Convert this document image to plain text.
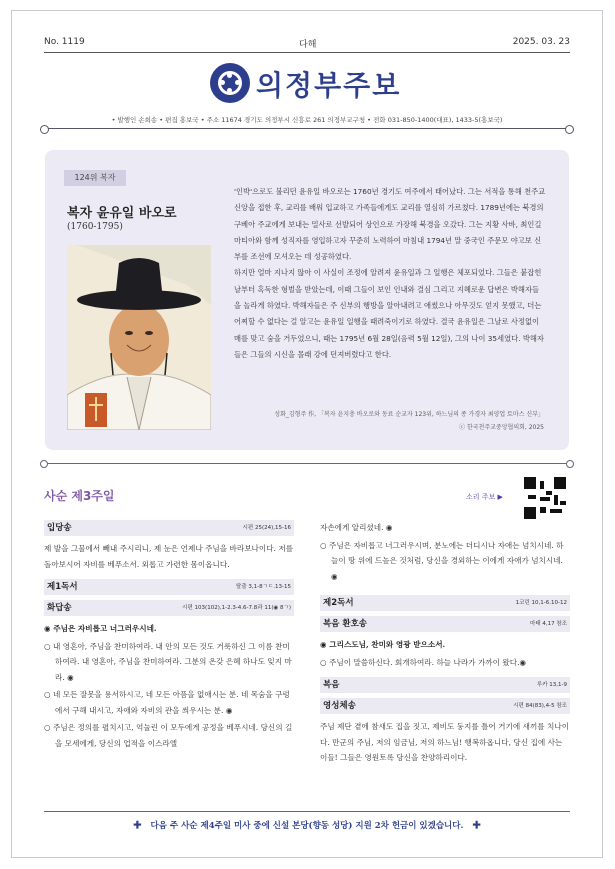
No. 1119	다해	2025. 03. 23
의정부주보
• 발행인 손희송 • 편집 홍보국 • 주소 11674 경기도 의정부시 신흥로 261 의정부교구청 • 전화 031-850-1400(대표), 1433-5(홍보국)
124위 복자
복자 윤유일 바오로
(1760-1795)

'인박'으로도 불리던 윤유일 바오로는 1760년 경기도 여주에서 태어났다. 그는 서적을 통해 천주교 신앙을 접한 후, 교리를 배워 입교하고 가족들에게도 교리를 열심히 가르쳤다. 1789년에는 북경의 구베아 주교에게 보내는 밀사로 선발되어 상인으로 가장해 북경을 오갔다. 그는 지황 사바, 최인길 마티아와 함께 성직자를 영입하고자 꾸준히 노력하여 마침내 1794년 말 중국인 주문모 야고보 신부를 조선에 모셔오는 데 성공하였다.

하지만 얼마 지나지 않아 이 사실이 조정에 알려져 윤유일과 그 일행은 체포되었다. 그들은 붙잡힌 날부터 혹독한 형벌을 받았는데, 이때 그들이 보인 인내와 결심 그리고 지혜로운 답변은 박해자들을 놀라게 하였다. 박해자들은 주 신부의 행방을 알아내려고 애썼으나 아무것도 얻지 못했고, 더는 어찌할 수 없다는 걸 알고는 윤유일 일행을 때려죽이기로 하였다. 결국 윤유일은 그날로 사정없이 매를 맞고 숨을 거두었으니, 때는 1795년 6월 28일(음력 5월 12일), 그의 나이 35세였다. 박해자들은 그들의 시신을 몰래 강에 던져버렸다고 한다.

성화_김형주 作, 「복자 윤지충 바오로와 동료 순교자 123위, 하느님의 종 가경자 최양업 토마스 신부」
ⓒ 한국천주교중앙협의회, 2025
사순 제3주일	소리 주보 ▶
입당송	시편 25(24),15-16

제 발을 그물에서 빼내 주시리니, 제 눈은 언제나 주님을 바라보나이다. 저를 돌아보시어 자비를 베푸소서. 외롭고 가련한 몸이옵니다.

제1독서	탈출 3,1-8ㄱㄷ.13-15
화답송	시편 103(102),1-2.3-4.6-7.8과 11(◉ 8ㄱ)

◉ 주님은 자비롭고 너그러우시네.

○ 내 영혼아, 주님을 찬미하여라. 내 안의 모든 것도 거룩하신 그 이름 찬미하여라. 내 영혼아, 주님을 찬미하여라. 그분의 온갖 은혜 하나도 잊지 마라. ◉

○ 네 모든 잘못을 용서하시고, 네 모든 아픔을 없애시는 분. 네 목숨을 구렁에서 구해 내시고, 자애와 자비의 관을 씌우시는 분. ◉

○ 주님은 정의를 펼치시고, 억눌린 이 모두에게 공정을 베푸시네. 당신의 길을 모세에게, 당신의 업적을 이스라엘

자손에게 알리셨네. ◉

○ 주님은 자비롭고 너그러우시며, 분노에는 더디시나 자애는 넘치시네. 하늘이 땅 위에 드높은 것처럼, 당신을 경외하는 이에게 자애가 넘치시네. ◉

제2독서	1코린 10,1-6.10-12
복음 환호송	마태 4,17 참조

◉ 그리스도님, 찬미와 영광 받으소서.

○ 주님이 말씀하신다. 회개하여라. 하늘 나라가 가까이 왔다.◉

복음	루카 13,1-9
영성체송	시편 84(83),4-5 참조

주님 제단 곁에 참새도 집을 짓고, 제비도 둥지를 틀어 거기에 새끼를 치나이다. 만군의 주님, 저의 임금님, 저의 하느님! 행복하옵니다, 당신 집에 사는 이들! 그들은 영원토록 당신을 찬양하리이다.

✚ 다음 주 사순 제4주일 미사 중에 신설 본당(향동 성당) 지원 2차 헌금이 있겠습니다. ✚
